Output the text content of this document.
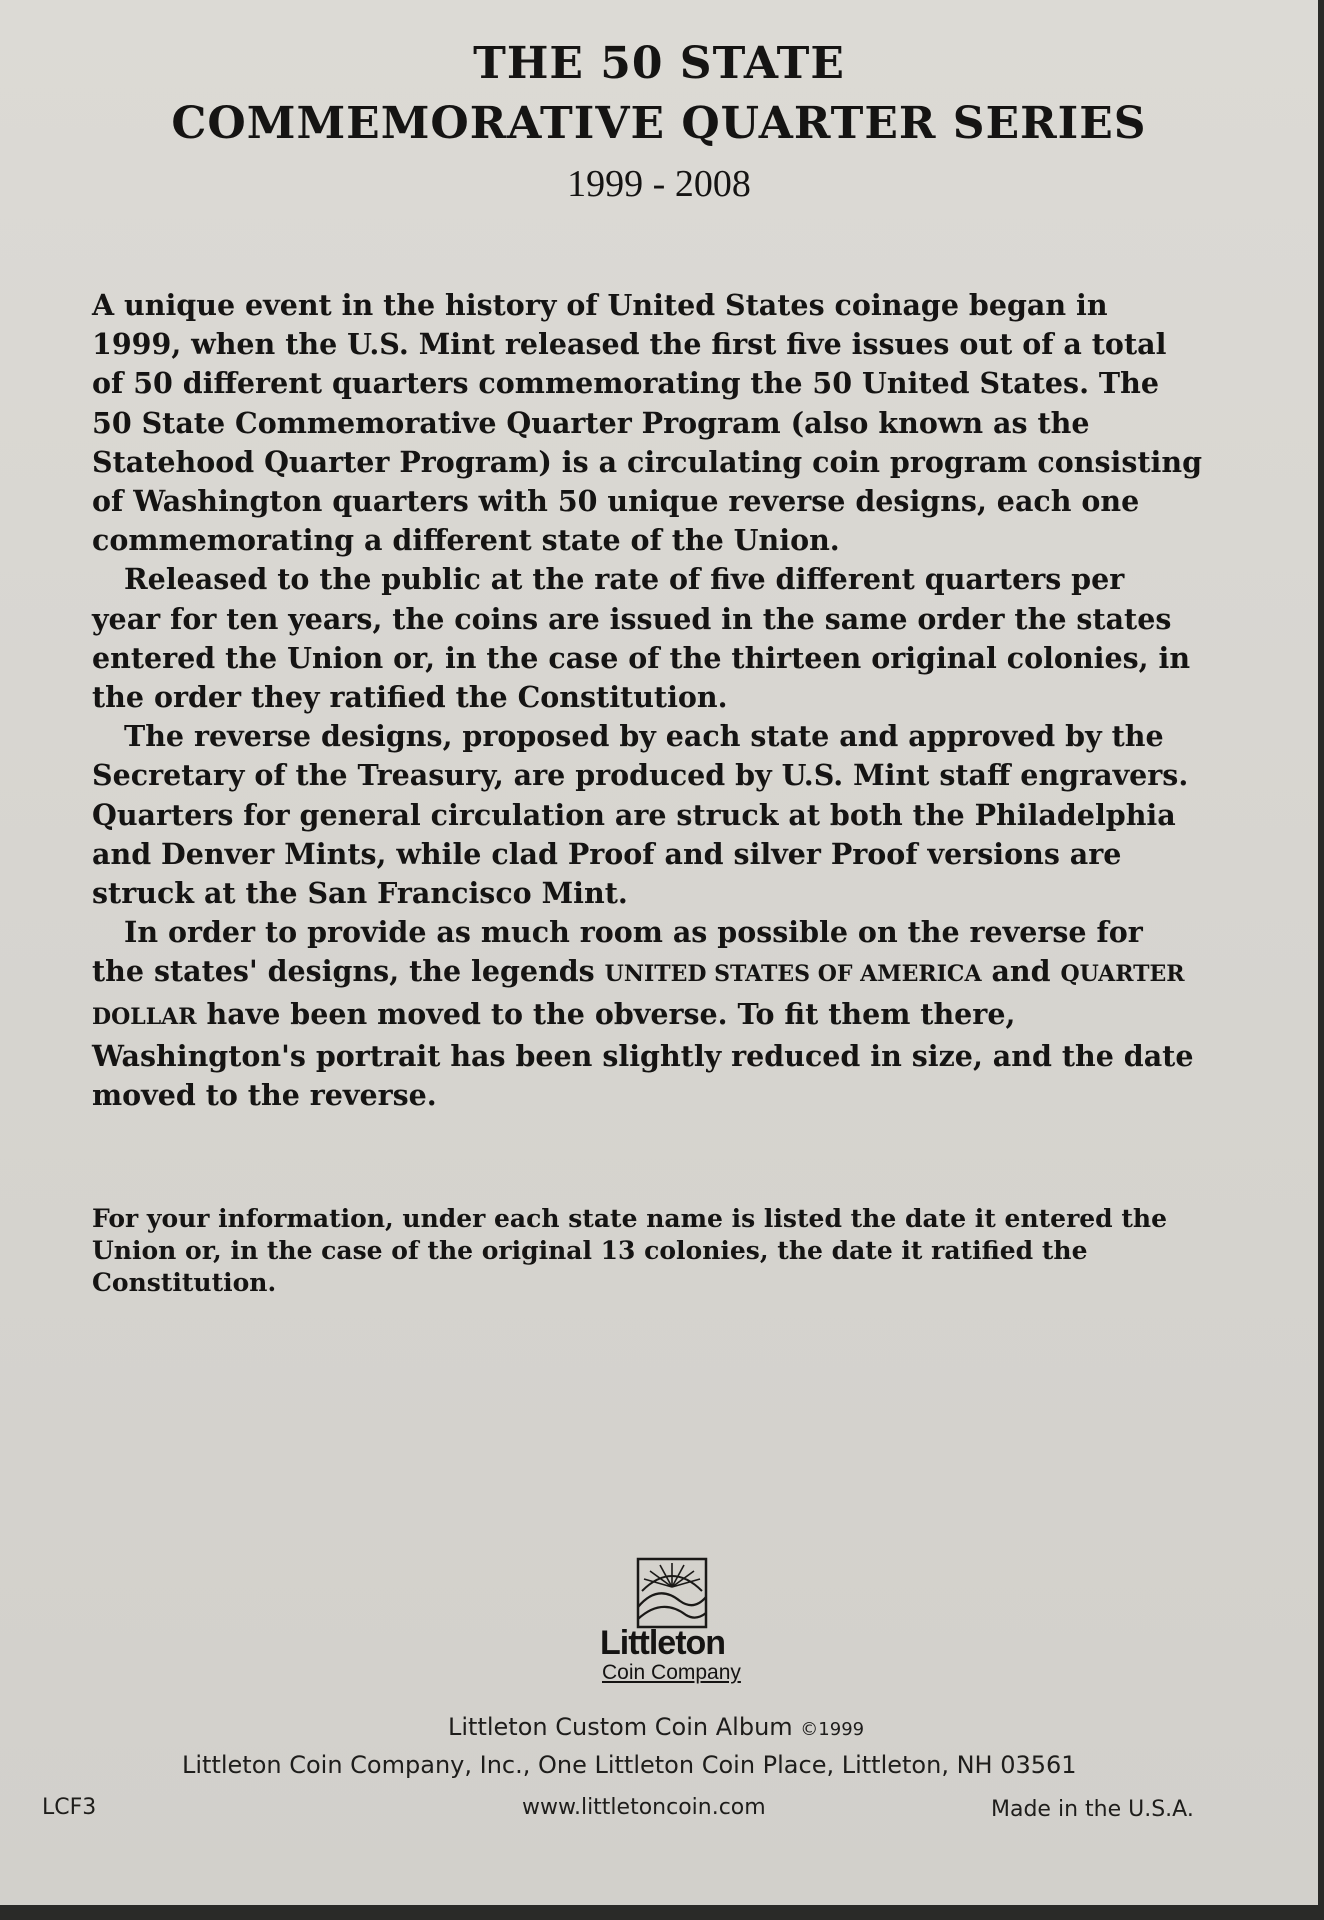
THE 50 STATE
COMMEMORATIVE QUARTER SERIES
1999 - 2008

A unique event in the history of United States coinage began in 1999, when the U.S. Mint released the first five issues out of a total of 50 different quarters commemorating the 50 United States. The 50 State Commemorative Quarter Program (also known as the Statehood Quarter Program) is a circulating coin program consisting of Washington quarters with 50 unique reverse designs, each one commemorating a different state of the Union.

Released to the public at the rate of five different quarters per year for ten years, the coins are issued in the same order the states entered the Union or, in the case of the thirteen original colonies, in the order they ratified the Constitution.

The reverse designs, proposed by each state and approved by the Secretary of the Treasury, are produced by U.S. Mint staff engravers. Quarters for general circulation are struck at both the Philadelphia and Denver Mints, while clad Proof and silver Proof versions are struck at the San Francisco Mint.

In order to provide as much room as possible on the reverse for the states' designs, the legends UNITED STATES OF AMERICA and QUARTER DOLLAR have been moved to the obverse. To fit them there, Washington's portrait has been slightly reduced in size, and the date moved to the reverse.

For your information, under each state name is listed the date it entered the Union or, in the case of the original 13 colonies, the date it ratified the Constitution.

Littleton
Coin Company
Littleton Custom Coin Album ©1999
Littleton Coin Company, Inc., One Littleton Coin Place, Littleton, NH 03561
LCF3	www.littletoncoin.com	Made in the U.S.A.
